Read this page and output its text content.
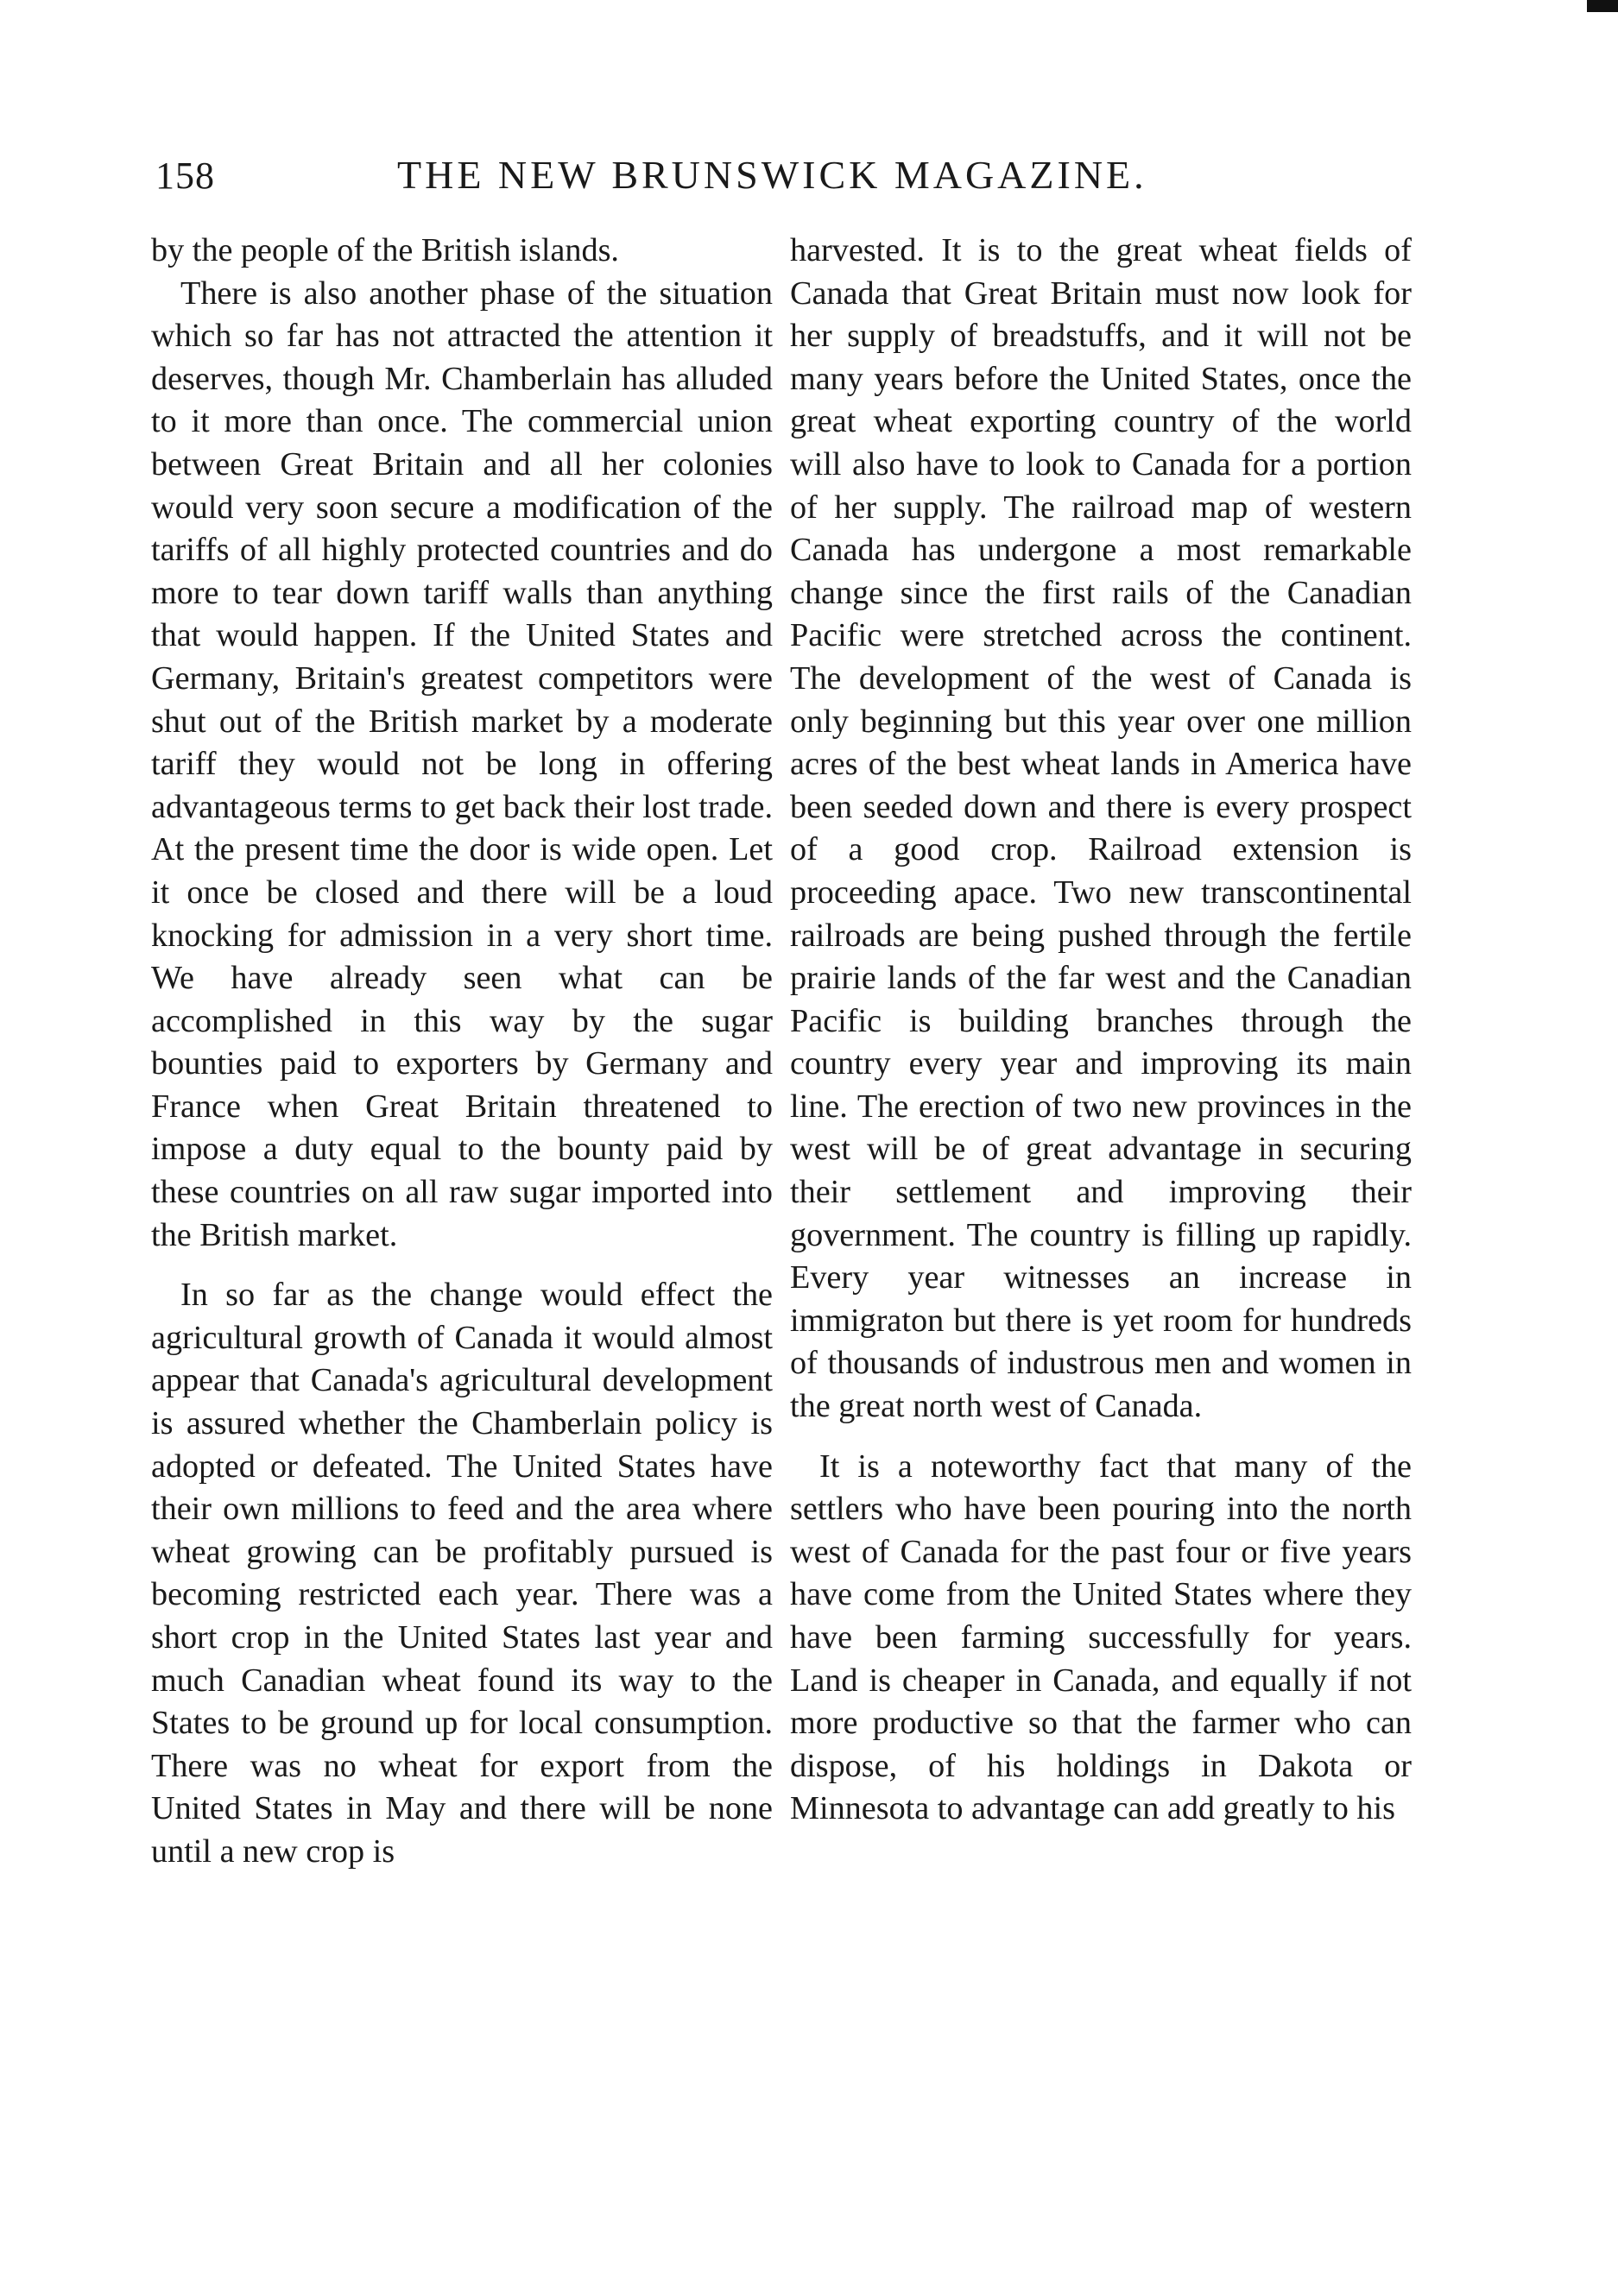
158	THE NEW BRUNSWICK MAGAZINE.

by the people of the British islands.

There is also another phase of the situation which so far has not attracted the attention it deserves, though Mr. Chamberlain has alluded to it more than once. The commercial union between Great Britain and all her colonies would very soon secure a modification of the tariffs of all highly protected countries and do more to tear down tariff walls than anything that would happen. If the United States and Germany, Britain's greatest competitors were shut out of the British market by a moderate tariff they would not be long in offering advantageous terms to get back their lost trade. At the present time the door is wide open. Let it once be closed and there will be a loud knocking for admission in a very short time. We have already seen what can be accomplished in this way by the sugar bounties paid to exporters by Germany and France when Great Britain threatened to impose a duty equal to the bounty paid by these countries on all raw sugar imported into the British market.

In so far as the change would effect the agricultural growth of Canada it would almost appear that Canada's agricultural development is assured whether the Chamberlain policy is adopted or defeated. The United States have their own millions to feed and the area where wheat growing can be profitably pursued is becoming restricted each year. There was a short crop in the United States last year and much Canadian wheat found its way to the States to be ground up for local consumption. There was no wheat for export from the United States in May and there will be none until a new crop is

harvested. It is to the great wheat fields of Canada that Great Britain must now look for her supply of breadstuffs, and it will not be many years before the United States, once the great wheat exporting country of the world will also have to look to Canada for a portion of her supply. The railroad map of western Canada has undergone a most remarkable change since the first rails of the Canadian Pacific were stretched across the continent. The development of the west of Canada is only beginning but this year over one million acres of the best wheat lands in America have been seeded down and there is every prospect of a good crop. Railroad extension is proceeding apace. Two new transcontinental railroads are being pushed through the fertile prairie lands of the far west and the Canadian Pacific is building branches through the country every year and improving its main line. The erection of two new provinces in the west will be of great advantage in securing their settlement and improving their government. The country is filling up rapidly. Every year witnesses an increase in immigraton but there is yet room for hundreds of thousands of industrous men and women in the great north west of Canada.

It is a noteworthy fact that many of the settlers who have been pouring into the north west of Canada for the past four or five years have come from the United States where they have been farming successfully for years. Land is cheaper in Canada, and equally if not more productive so that the farmer who can dispose, of his holdings in Dakota or Minnesota to advantage can add greatly to his
